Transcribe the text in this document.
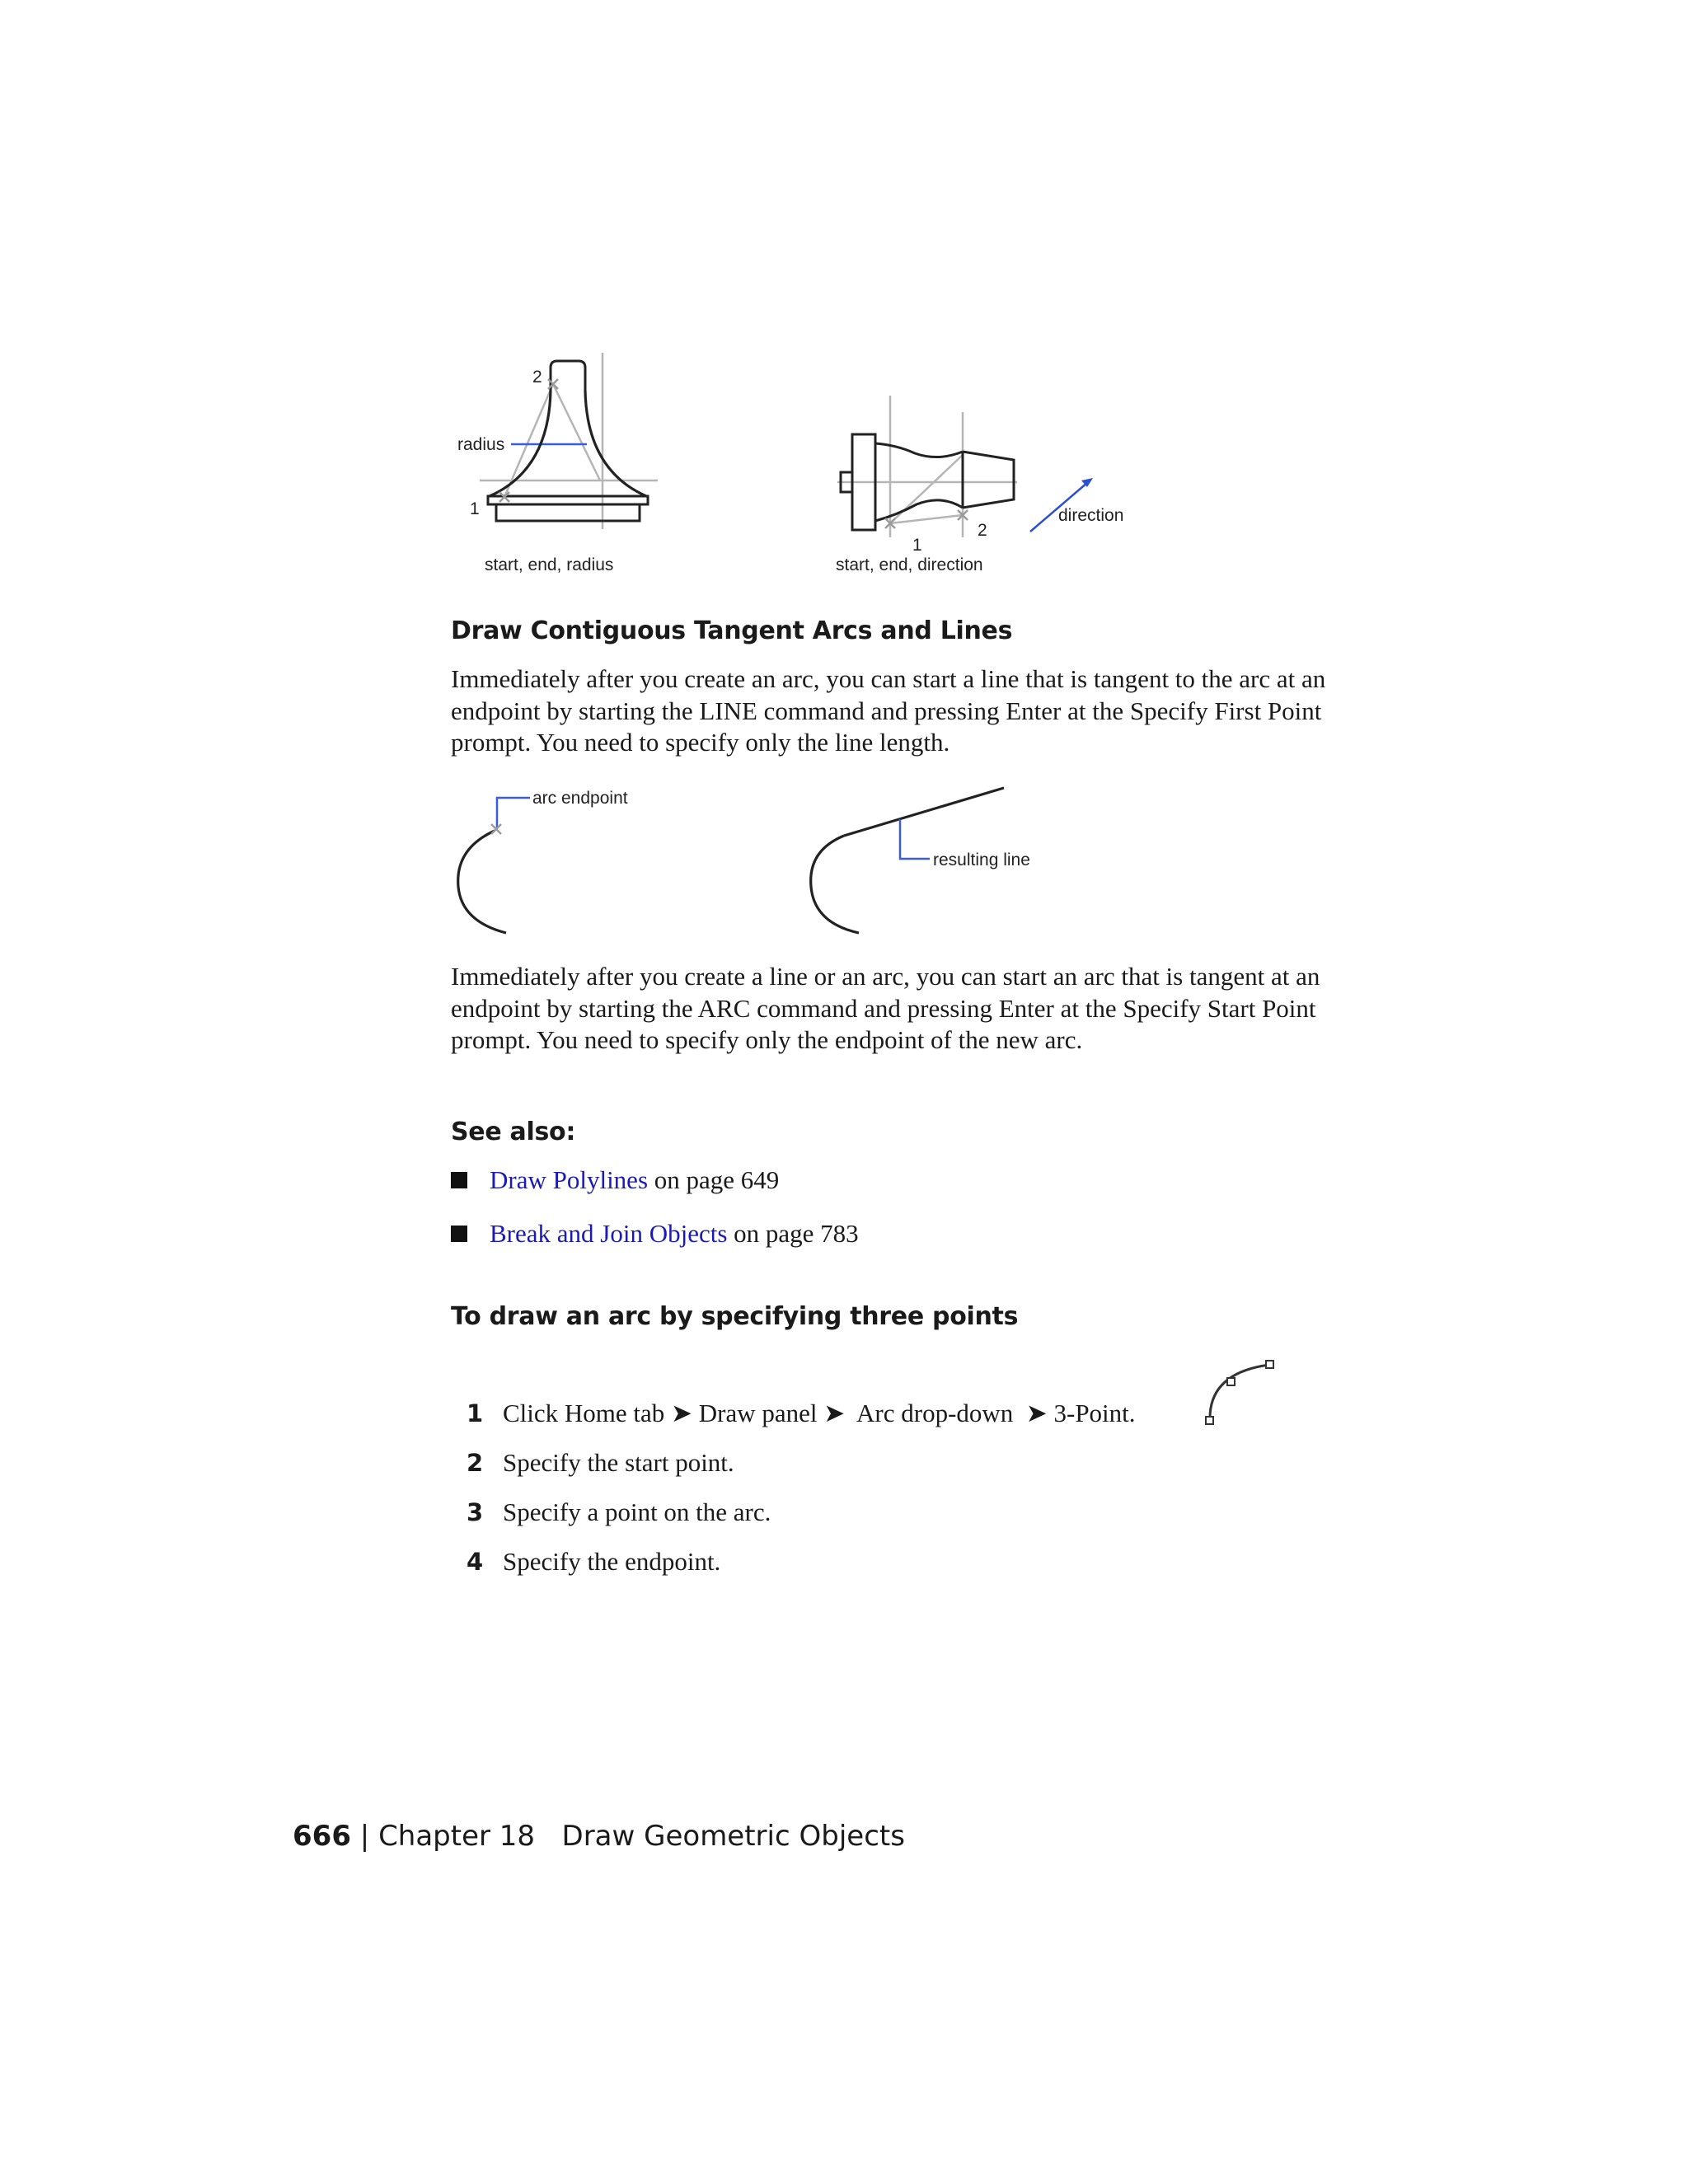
2
radius
1
start, end, radius
2
1
direction
start, end, direction
Draw Contiguous Tangent Arcs and Lines
Immediately after you create an arc, you can start a line that is tangent to the arc at an endpoint by starting the LINE command and pressing Enter at the Specify First Point prompt. You need to specify only the line length.
arc endpoint
resulting line
Immediately after you create a line or an arc, you can start an arc that is tangent at an endpoint by starting the ARC command and pressing Enter at the Specify Start Point prompt. You need to specify only the endpoint of the new arc.
See also:
Draw Polylines on page 649
Break and Join Objects on page 783
To draw an arc by specifying three points
1 Click Home tab ➤ Draw panel ➤  Arc drop-down  ➤ 3-Point.
2 Specify the start point.
3 Specify a point on the arc.
4 Specify the endpoint.
666 | Chapter 18 Draw Geometric Objects
